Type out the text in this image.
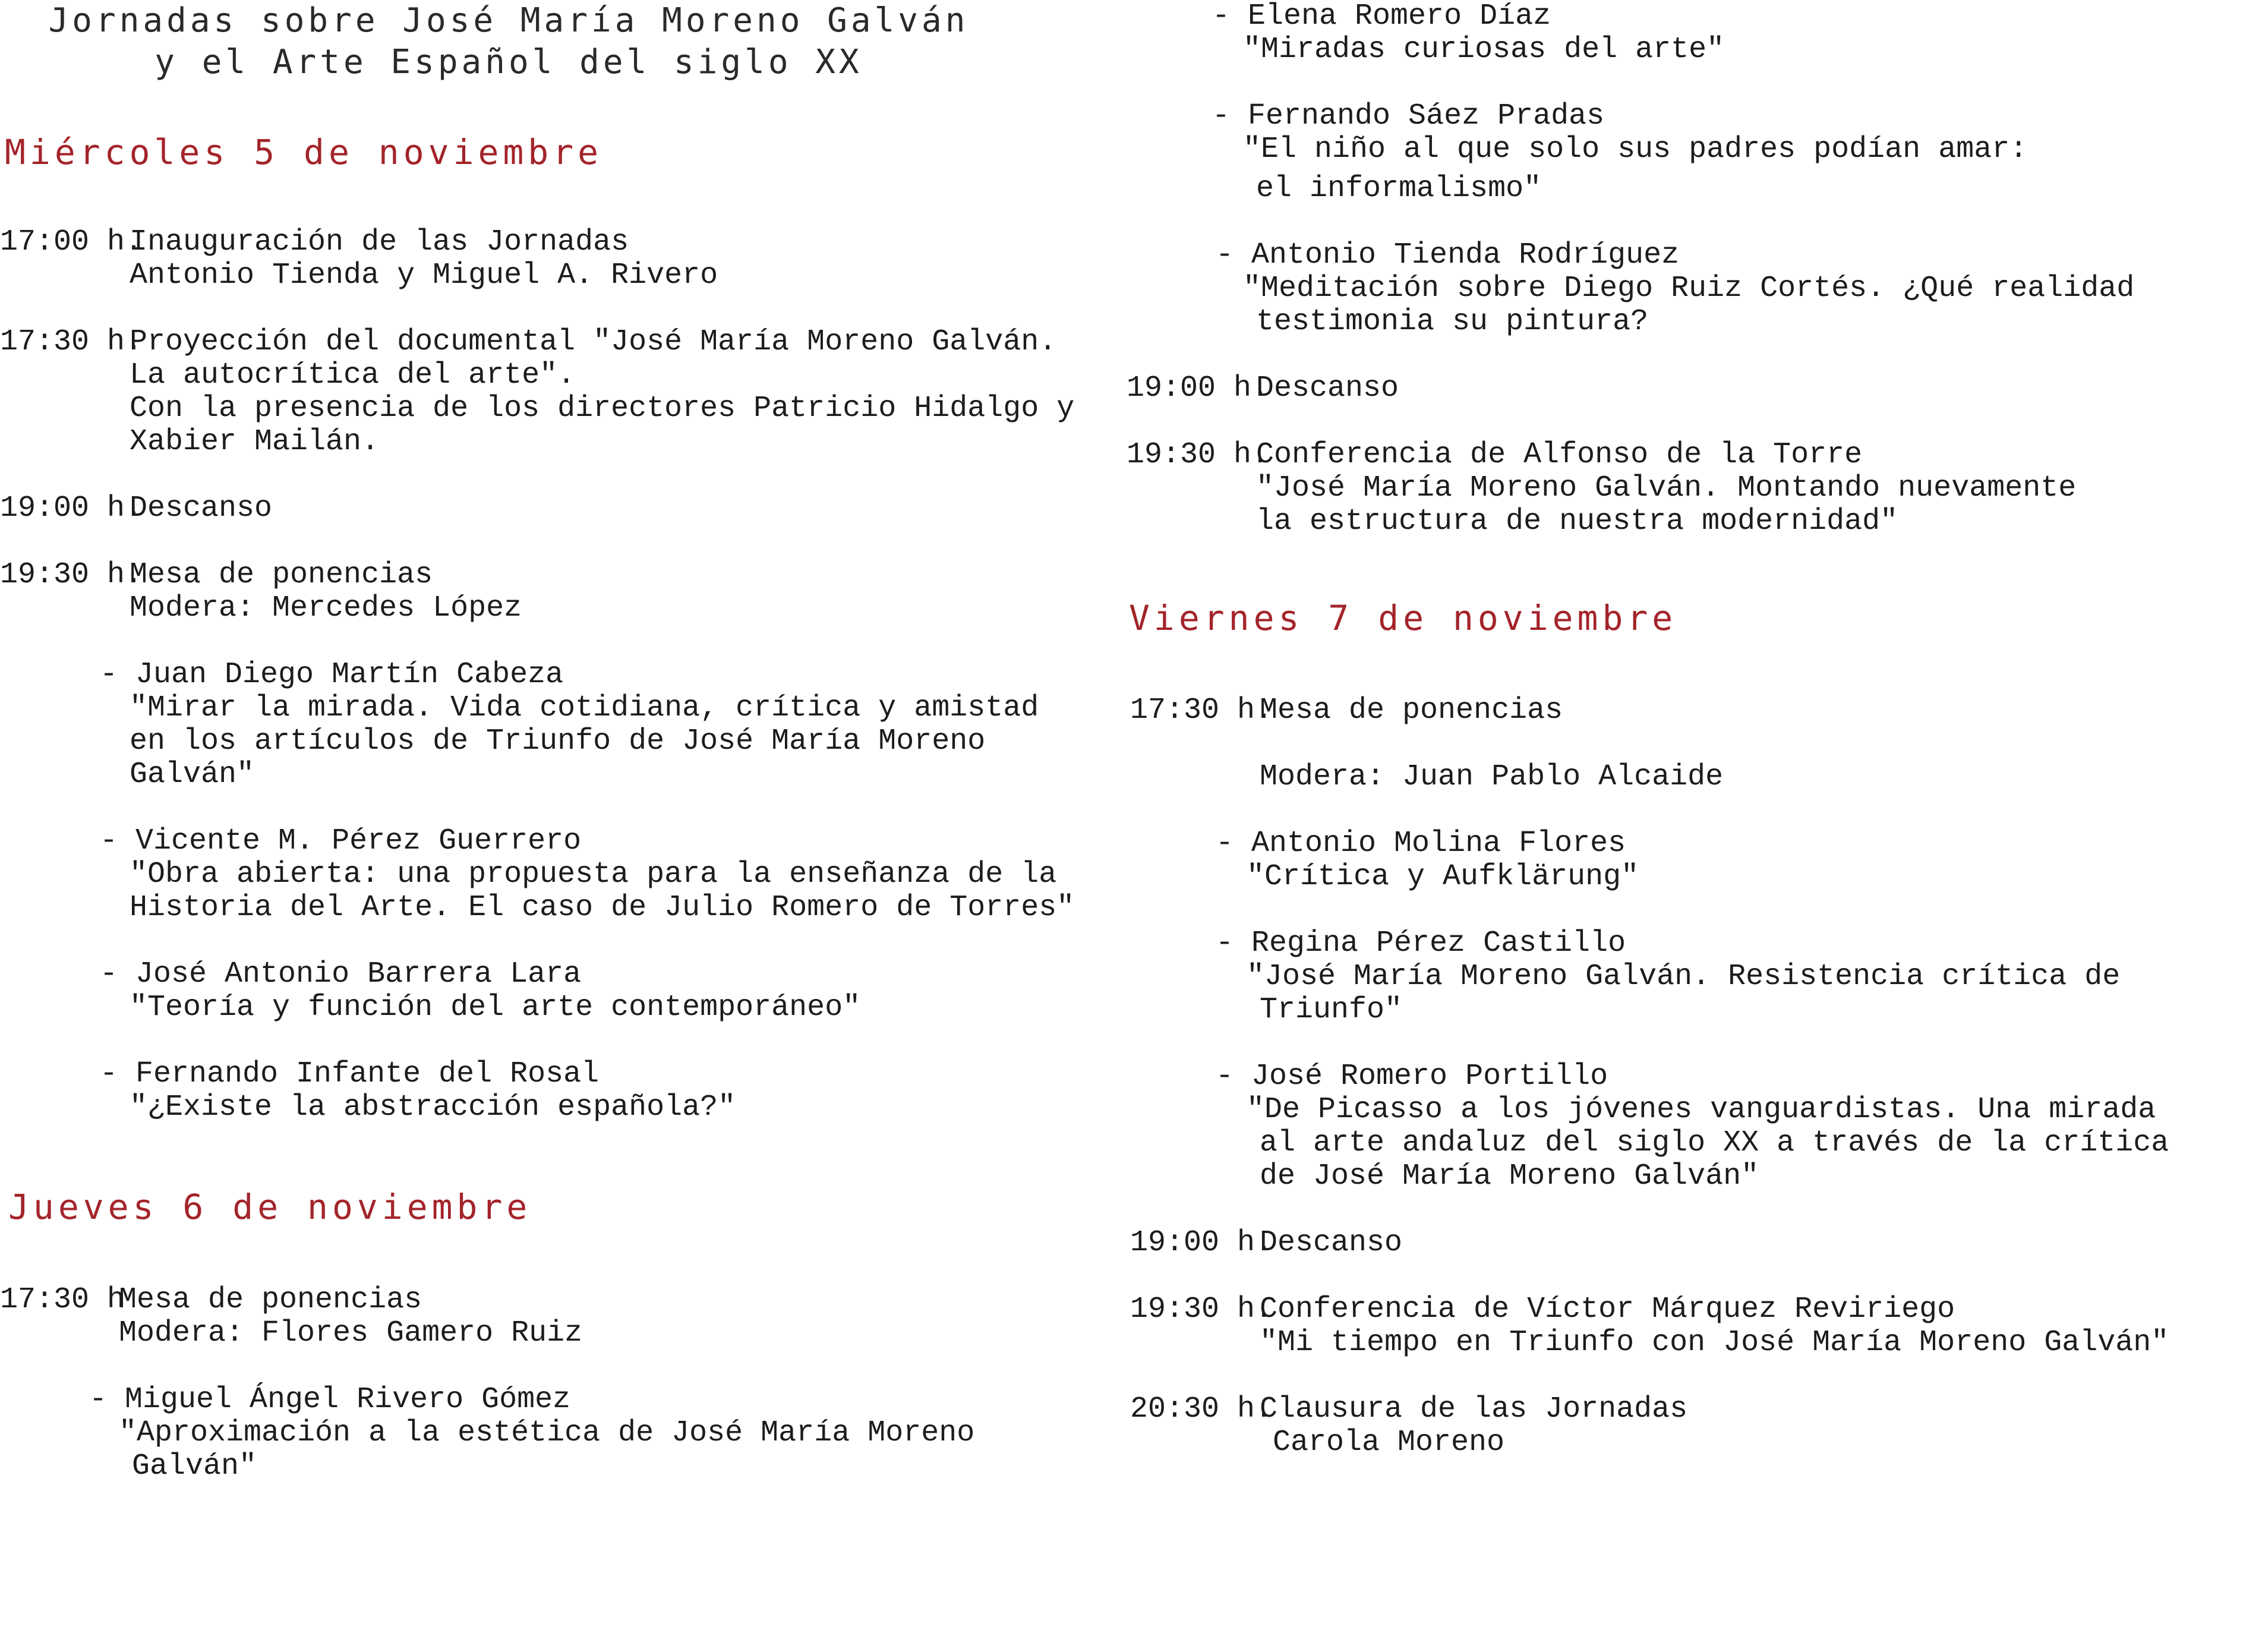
Jornadas sobre José María Moreno Galván
y el Arte Español del siglo XX
Miércoles 5 de noviembre
17:00 h.Inauguración de las Jornadas
Antonio Tienda y Miguel A. Rivero
17:30 h.Proyección del documental "José María Moreno Galván.
La autocrítica del arte".
Con la presencia de los directores Patricio Hidalgo y
Xabier Mailán.
19:00 h.Descanso
19:30 h.Mesa de ponencias
Modera: Mercedes López
- Juan Diego Martín Cabeza
"Mirar la mirada. Vida cotidiana, crítica y amistad
en los artículos de Triunfo de José María Moreno
Galván"
- Vicente M. Pérez Guerrero
"Obra abierta: una propuesta para la enseñanza de la
Historia del Arte. El caso de Julio Romero de Torres"
- José Antonio Barrera Lara
"Teoría y función del arte contemporáneo"
- Fernando Infante del Rosal
"¿Existe la abstracción española?"
Jueves 6 de noviembre
17:30 hMesa de ponencias
Modera: Flores Gamero Ruiz
- Miguel Ángel Rivero Gómez
"Aproximación a la estética de José María Moreno
Galván"
- Elena Romero Díaz
"Miradas curiosas del arte"
- Fernando Sáez Pradas
"El niño al que solo sus padres podían amar:
el informalismo"
- Antonio Tienda Rodríguez
"Meditación sobre Diego Ruiz Cortés. ¿Qué realidad
testimonia su pintura?
19:00 h.Descanso
19:30 h.Conferencia de Alfonso de la Torre
"José María Moreno Galván. Montando nuevamente
la estructura de nuestra modernidad"
Viernes 7 de noviembre
17:30 h.Mesa de ponencias
Modera: Juan Pablo Alcaide
- Antonio Molina Flores
"Crítica y Aufklärung"
- Regina Pérez Castillo
"José María Moreno Galván. Resistencia crítica de
Triunfo"
- José Romero Portillo
"De Picasso a los jóvenes vanguardistas. Una mirada
al arte andaluz del siglo XX a través de la crítica
de José María Moreno Galván"
19:00 h.Descanso
19:30 h.Conferencia de Víctor Márquez Reviriego
"Mi tiempo en Triunfo con José María Moreno Galván"
20:30 h.Clausura de las Jornadas
Carola Moreno
